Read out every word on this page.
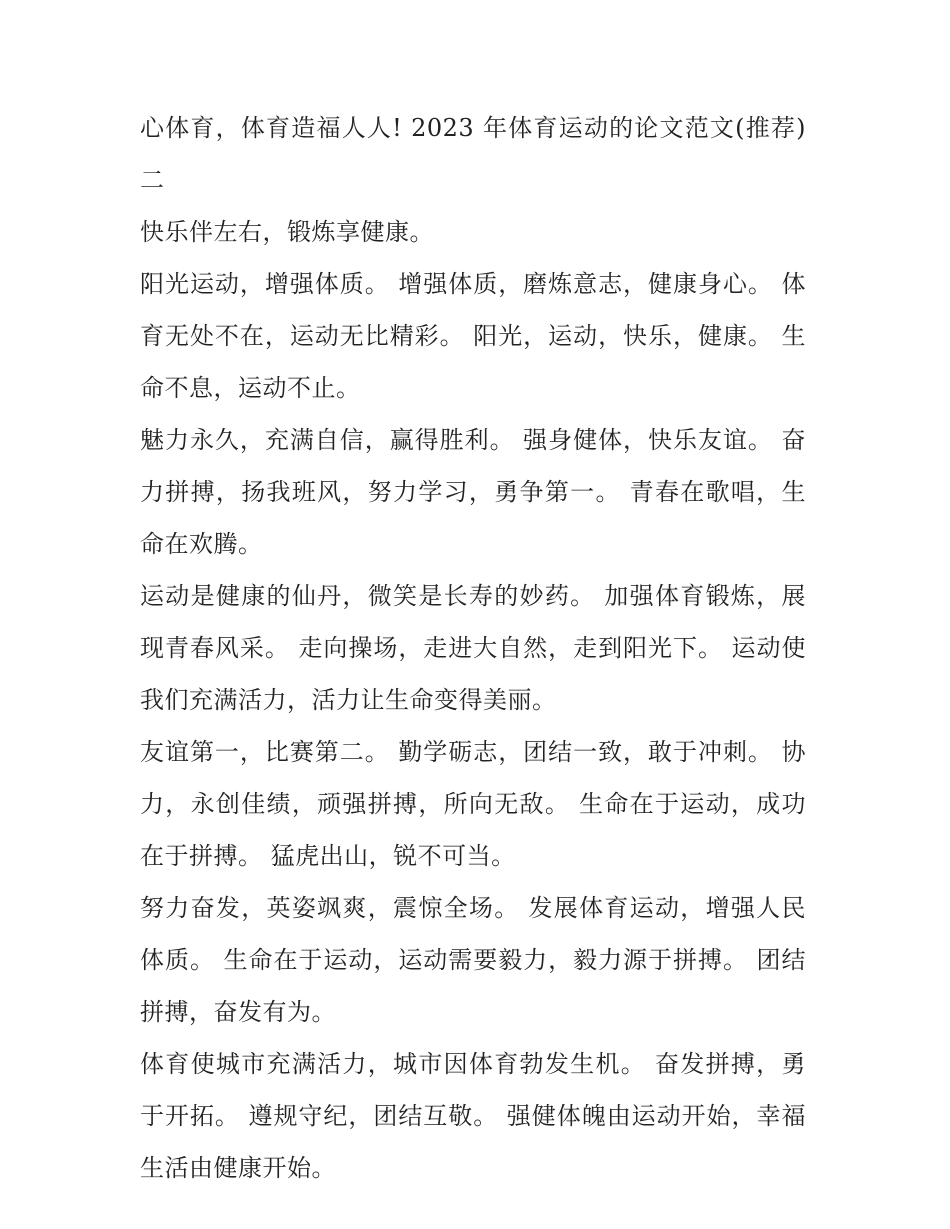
心体育，体育造福人人! 2023 年体育运动的论文范文(推荐)二

快乐伴左右，锻炼享健康。

阳光运动，增强体质。 增强体质，磨炼意志，健康身心。 体育无处不在，运动无比精彩。 阳光，运动，快乐，健康。 生命不息，运动不止。

魅力永久，充满自信，赢得胜利。 强身健体，快乐友谊。 奋力拼搏，扬我班风，努力学习，勇争第一。 青春在歌唱，生命在欢腾。

运动是健康的仙丹，微笑是长寿的妙药。 加强体育锻炼，展现青春风采。 走向操场，走进大自然，走到阳光下。 运动使我们充满活力，活力让生命变得美丽。

友谊第一，比赛第二。 勤学砺志，团结一致，敢于冲刺。 协力，永创佳绩，顽强拼搏，所向无敌。 生命在于运动，成功在于拼搏。 猛虎出山，锐不可当。

努力奋发，英姿飒爽，震惊全场。 发展体育运动，增强人民体质。 生命在于运动，运动需要毅力，毅力源于拼搏。 团结拼搏，奋发有为。

体育使城市充满活力，城市因体育勃发生机。 奋发拼搏，勇于开拓。 遵规守纪，团结互敬。 强健体魄由运动开始，幸福生活由健康开始。
